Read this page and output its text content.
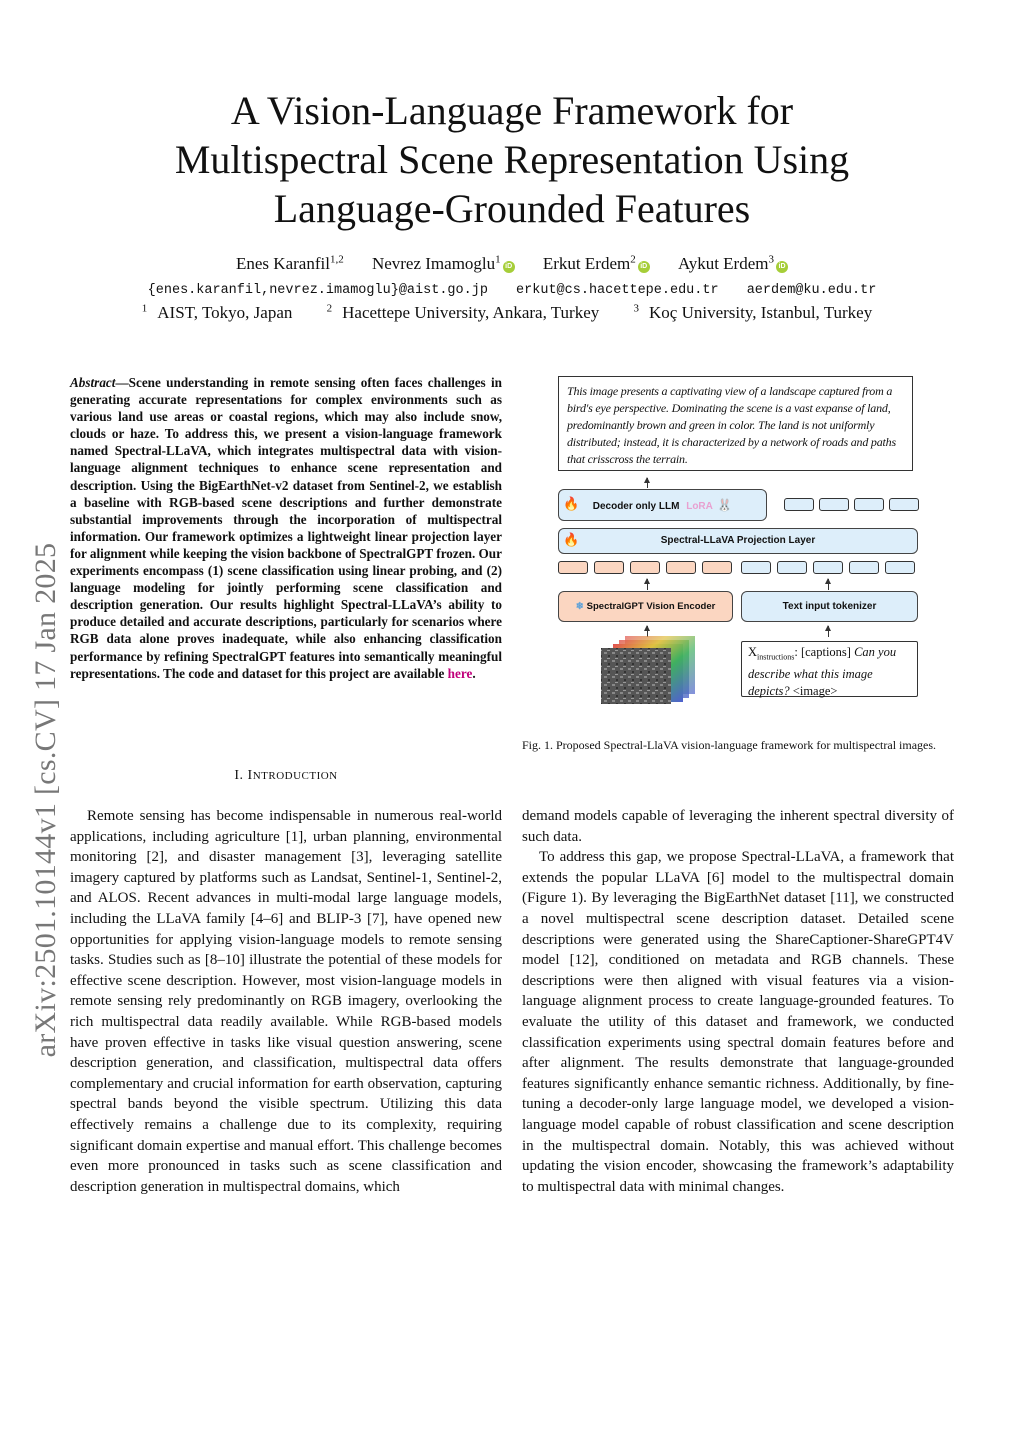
arXiv:2501.10144v1 [cs.CV] 17 Jan 2025
A Vision-Language Framework for
Multispectral Scene Representation Using
Language-Grounded Features
Enes Karanfil$^{1,2}$ Nevrez Imamoglu$^1$iD Erkut Erdem$^2$iD Aykut Erdem$^3$iD
{enes.karanfil,nevrez.imamoglu}@aist.go.jp erkut@cs.hacettepe.edu.tr aerdem@ku.edu.tr
$^1$ AIST, Tokyo, Japan	$^2$ Hacettepe University, Ankara, Turkey	$^3$ Koç University, Istanbul, Turkey
Abstract—Scene understanding in remote sensing often faces challenges in generating accurate representations for complex environments such as various land use areas or coastal regions, which may also include snow, clouds or haze. To address this, we present a vision-language framework named Spectral-LLaVA, which integrates multispectral data with vision-language alignment techniques to enhance scene representation and description. Using the BigEarthNet-v2 dataset from Sentinel-2, we establish a baseline with RGB-based scene descriptions and further demonstrate substantial improvements through the incorporation of multispectral information. Our framework optimizes a lightweight linear projection layer for alignment while keeping the vision backbone of SpectralGPT frozen. Our experiments encompass (1) scene classification using linear probing, and (2) language modeling for jointly performing scene classification and description generation. Our results highlight Spectral-LLaVA’s ability to produce detailed and accurate descriptions, particularly for scenarios where RGB data alone proves inadequate, while also enhancing classification performance by refining SpectralGPT features into semantically meaningful representations. The code and dataset for this project are available here.
I. INTRODUCTION

Remote sensing has become indispensable in numerous real-world applications, including agriculture [1], urban planning, environmental monitoring [2], and disaster management [3], leveraging satellite imagery captured by platforms such as Landsat, Sentinel-1, Sentinel-2, and ALOS. Recent advances in multi-modal large language models, including the LLaVA family [4–6] and BLIP-3 [7], have opened new opportunities for applying vision-language models to remote sensing tasks. Studies such as [8–10] illustrate the potential of these models for effective scene description. However, most vision-language models in remote sensing rely predominantly on RGB imagery, overlooking the rich multispectral data readily available. While RGB-based models have proven effective in tasks like visual question answering, scene description generation, and classification, multispectral data offers complementary and crucial information for earth observation, capturing spectral bands beyond the visible spectrum. Utilizing this data effectively remains a challenge due to its complexity, requiring significant domain expertise and manual effort. This challenge becomes even more pronounced in tasks such as scene classification and description generation in multispectral domains, which

demand models capable of leveraging the inherent spectral diversity of such data.

To address this gap, we propose Spectral-LLaVA, a framework that extends the popular LLaVA [6] model to the multispectral domain (Figure 1). By leveraging the BigEarthNet dataset [11], we constructed a novel multispectral scene description dataset. Detailed scene descriptions were generated using the ShareCaptioner-ShareGPT4V model [12], conditioned on metadata and RGB channels. These descriptions were then aligned with visual features via a vision-language alignment process to create language-grounded features. To evaluate the utility of this dataset and framework, we conducted classification experiments using spectral domain features before and after alignment. The results demonstrate that language-grounded features significantly enhance semantic richness. Additionally, by fine-tuning a decoder-only large language model, we developed a vision-language model capable of robust classification and scene description in the multispectral domain. Notably, this was achieved without updating the vision encoder, showcasing the framework’s adaptability to multispectral data with minimal changes.

This image presents a captivating view of a landscape captured from a bird's eye perspective. Dominating the scene is a vast expanse of land, predominantly brown and green in color. The land is not uniformly distributed; instead, it is characterized by a network of roads and paths that crisscross the terrain.
Decoder only LLM LoRA 🐰
🔥
Spectral-LLaVA Projection Layer
🔥
❄ SpectralGPT Vision Encoder	Text input tokenizer
$X_{instructions}$: [captions] Can you describe what this image depicts? <image>
Fig. 1. Proposed Spectral-LlaVA vision-language framework for multispectral images.
